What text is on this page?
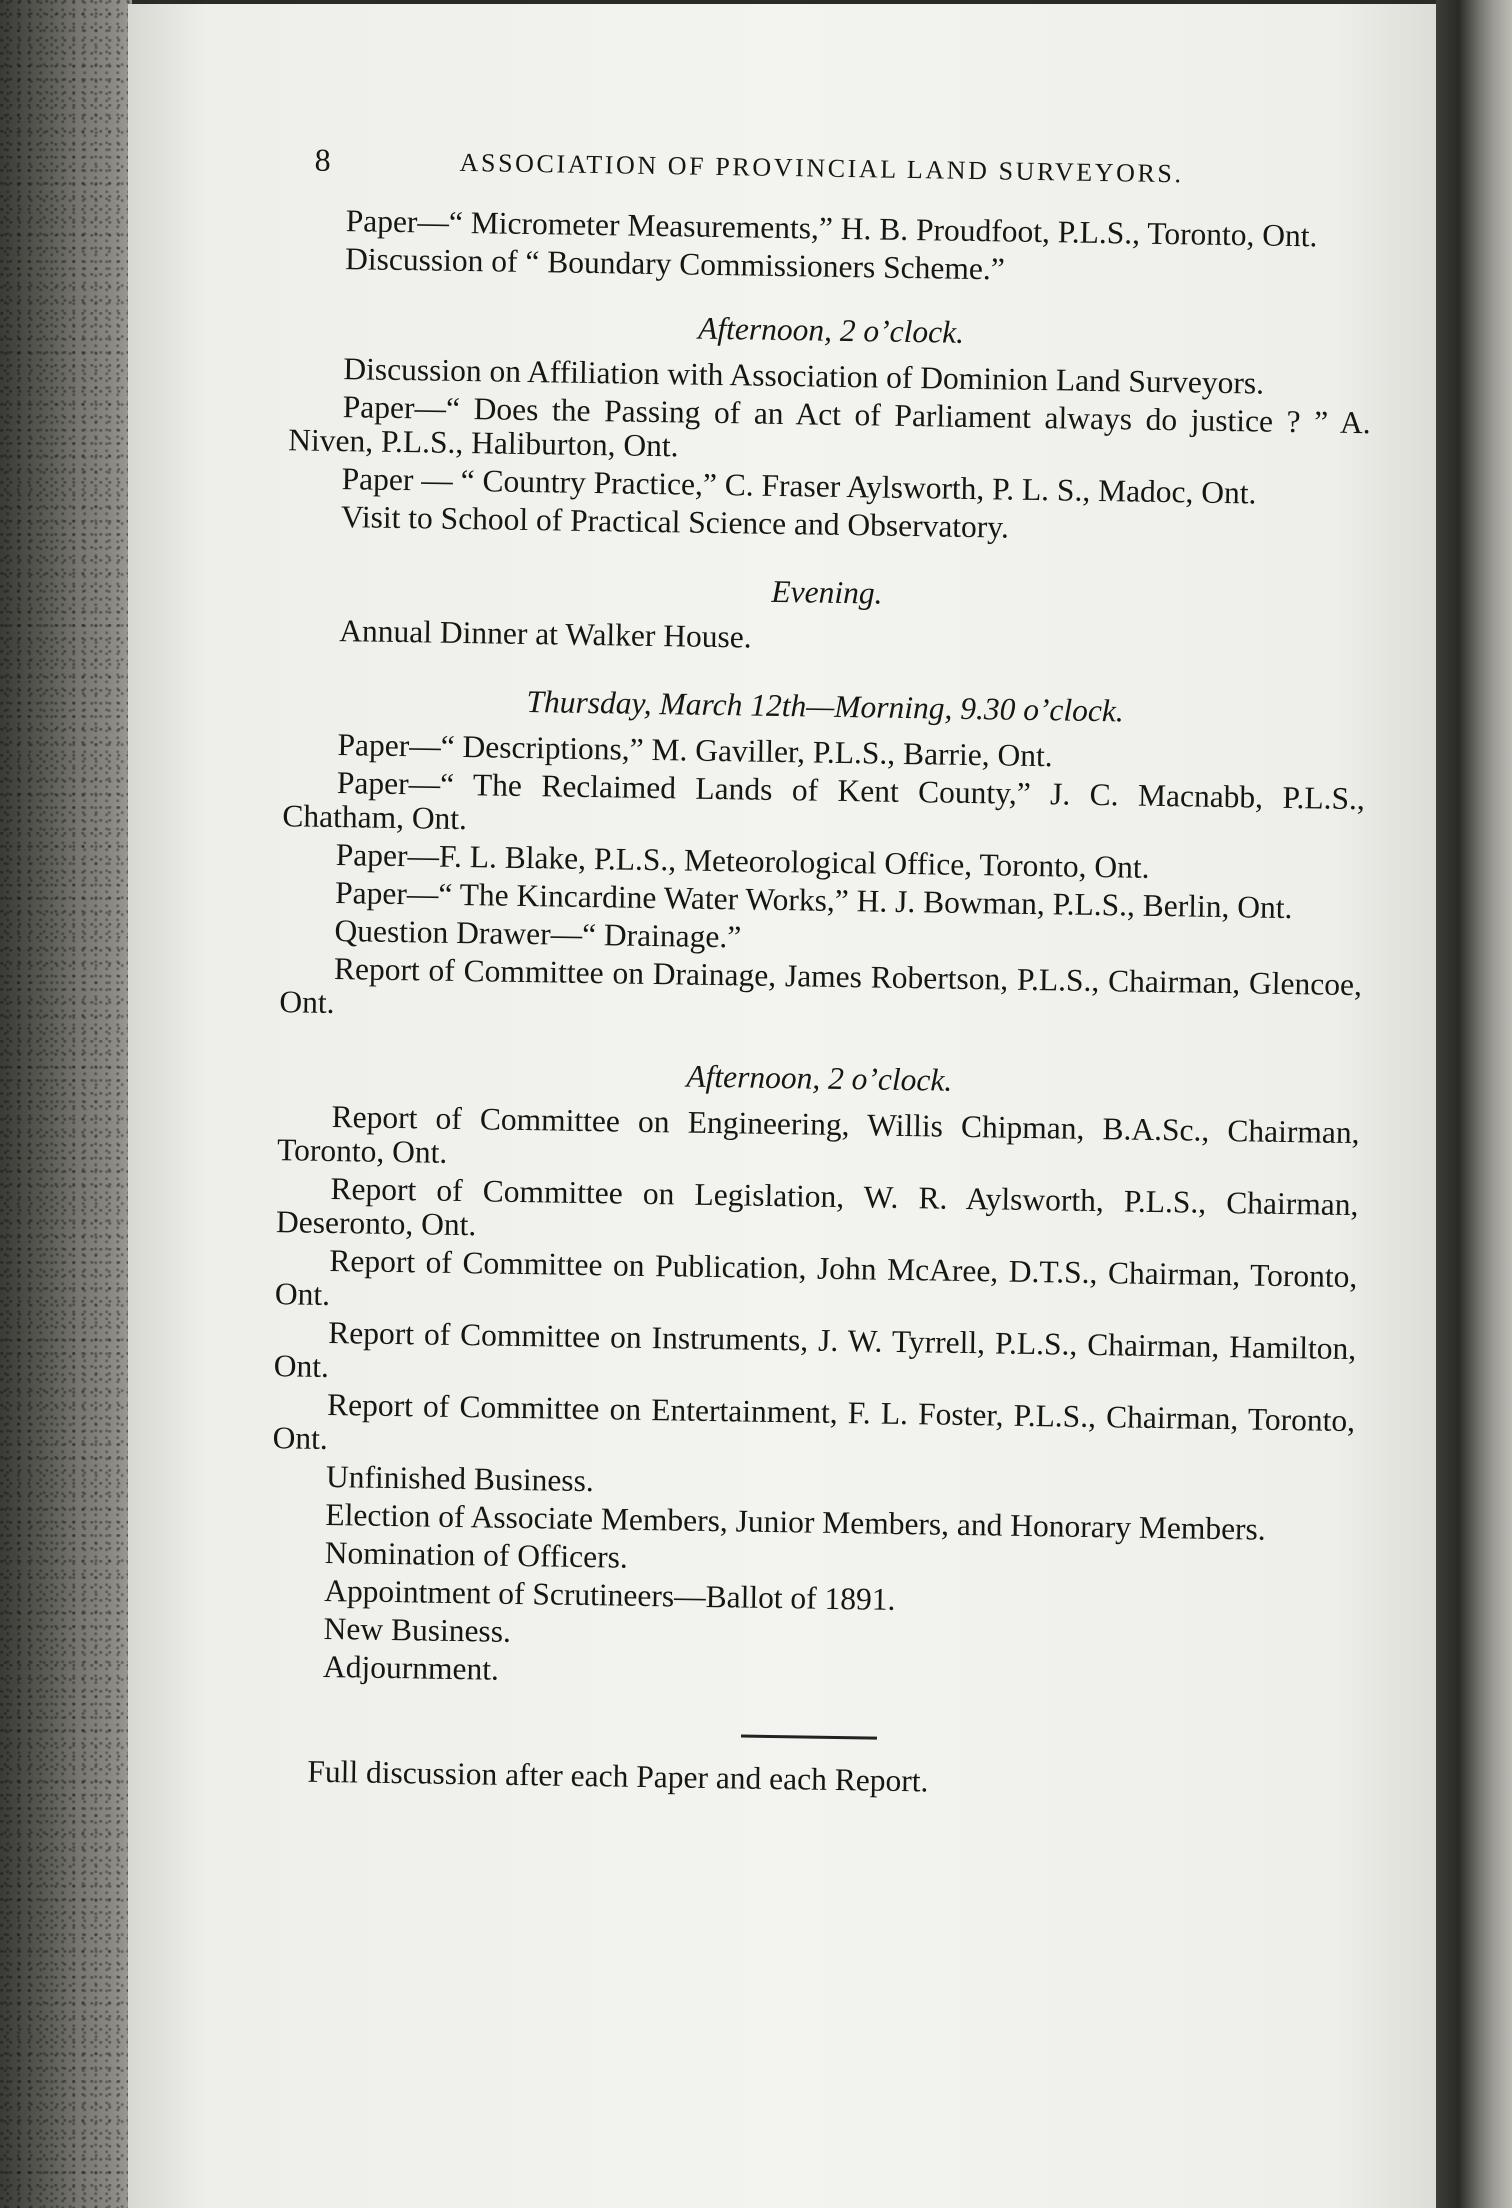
8	ASSOCIATION OF PROVINCIAL LAND SURVEYORS.

Paper—“ Micrometer Measurements,” H. B. Proudfoot, P.L.S., Toronto, Ont.

Discussion of “ Boundary Commissioners Scheme.”

Afternoon, 2 o’clock.

Discussion on Affiliation with Association of Dominion Land Surveyors.

Paper—“ Does the Passing of an Act of Parliament always do justice ? ” A. Niven, P.L.S., Haliburton, Ont.

Paper — “ Country Practice,” C. Fraser Aylsworth, P. L. S., Madoc, Ont.

Visit to School of Practical Science and Observatory.

Evening.

Annual Dinner at Walker House.

Thursday, March 12th—Morning, 9.30 o’clock.

Paper—“ Descriptions,” M. Gaviller, P.L.S., Barrie, Ont.

Paper—“ The Reclaimed Lands of Kent County,” J. C. Macnabb, P.L.S., Chatham, Ont.

Paper—F. L. Blake, P.L.S., Meteorological Office, Toronto, Ont.

Paper—“ The Kincardine Water Works,” H. J. Bowman, P.L.S., Berlin, Ont.

Question Drawer—“ Drainage.”

Report of Committee on Drainage, James Robertson, P.L.S., Chairman, Glencoe, Ont.

Afternoon, 2 o’clock.

Report of Committee on Engineering, Willis Chipman, B.A.Sc., Chairman, Toronto, Ont.

Report of Committee on Legislation, W. R. Aylsworth, P.L.S., Chairman, Deseronto, Ont.

Report of Committee on Publication, John McAree, D.T.S., Chairman, Toronto, Ont.

Report of Committee on Instruments, J. W. Tyrrell, P.L.S., Chairman, Hamilton, Ont.

Report of Committee on Entertainment, F. L. Foster, P.L.S., Chairman, Toronto, Ont.

Unfinished Business.

Election of Associate Members, Junior Members, and Honorary Members.

Nomination of Officers.

Appointment of Scrutineers—Ballot of 1891.

New Business.

Adjournment.

Full discussion after each Paper and each Report.
